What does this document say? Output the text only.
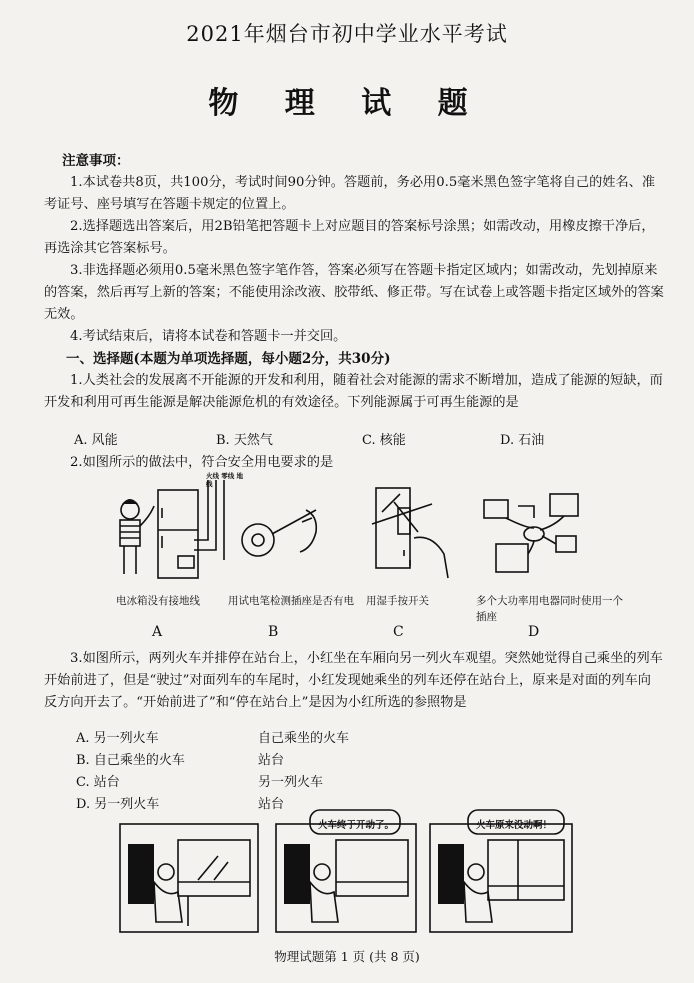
2021年烟台市初中学业水平考试
物 理 试 题
注意事项：
1.本试卷共8页，共100分，考试时间90分钟。答题前，务必用0.5毫米黑色签字笔将自己的姓名、准考证号、座号填写在答题卡规定的位置上。
2.选择题选出答案后，用2B铅笔把答题卡上对应题目的答案标号涂黑；如需改动，用橡皮擦干净后，再选涂其它答案标号。
3.非选择题必须用0.5毫米黑色签字笔作答，答案必须写在答题卡指定区域内；如需改动，先划掉原来的答案，然后再写上新的答案；不能使用涂改液、胶带纸、修正带。写在试卷上或答题卡指定区域外的答案无效。
4.考试结束后，请将本试卷和答题卡一并交回。
一、选择题(本题为单项选择题，每小题2分，共30分)
1.人类社会的发展离不开能源的开发和利用，随着社会对能源的需求不断增加，造成了能源的短缺，而开发和利用可再生能源是解决能源危机的有效途径。下列能源属于可再生能源的是
A. 风能	B. 天然气	C. 核能	D. 石油
2.如图所示的做法中，符合安全用电要求的是
火线 零线 地线
电冰箱没有接地线	用试电笔检测插座是否有电	用湿手按开关	多个大功率用电器同时使用一个插座
A	B	C	D
3.如图所示，两列火车并排停在站台上，小红坐在车厢向另一列火车观望。突然她觉得自己乘坐的列车开始前进了，但是“驶过”对面列车的车尾时，小红发现她乘坐的列车还停在站台上，原来是对面的列车向反方向开去了。“开始前进了”和“停在站台上”是因为小红所选的参照物是
A. 另一列火车	自己乘坐的火车
B. 自己乘坐的火车	站台
C. 站台	另一列火车
D. 另一列火车	站台
火车终于开动了。	火车原来没动啊！
物理试题第 1 页 (共 8 页)
